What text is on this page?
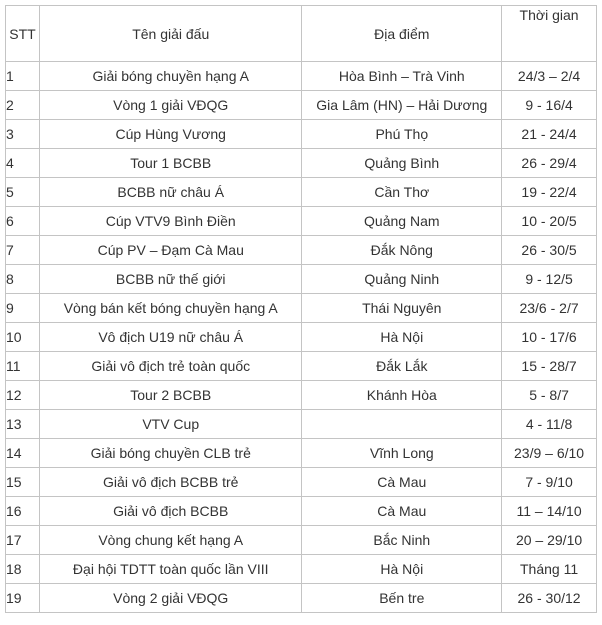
STT	Tên giải đấu	Địa điểm	Thời gian
1	Giải bóng chuyền hạng A	Hòa Bình – Trà Vinh	24/3 – 2/4
2	Vòng 1 giải VĐQG	Gia Lâm (HN) – Hải Dương	9 - 16/4
3	Cúp Hùng Vương	Phú Thọ	21 - 24/4
4	Tour 1 BCBB	Quảng Bình	26 - 29/4
5	BCBB nữ châu Á	Cần Thơ	19 - 22/4
6	Cúp VTV9 Bình Điền	Quảng Nam	10 - 20/5
7	Cúp PV – Đạm Cà Mau	Đắk Nông	26 - 30/5
8	BCBB nữ thế giới	Quảng Ninh	9 - 12/5
9	Vòng bán kết bóng chuyền hạng A	Thái Nguyên	23/6 - 2/7
10	Vô địch U19 nữ châu Á	Hà Nội	10 - 17/6
11	Giải vô địch trẻ toàn quốc	Đắk Lắk	15 - 28/7
12	Tour 2 BCBB	Khánh Hòa	5 - 8/7
13	VTV Cup		4 - 11/8
14	Giải bóng chuyền CLB trẻ	Vĩnh Long	23/9 – 6/10
15	Giải vô địch BCBB trẻ	Cà Mau	7 - 9/10
16	Giải vô địch BCBB	Cà Mau	11 – 14/10
17	Vòng chung kết hạng A	Bắc Ninh	20 – 29/10
18	Đại hội TDTT toàn quốc lần VIII	Hà Nội	Tháng 11
19	Vòng 2 giải VĐQG	Bến tre	26 - 30/12
